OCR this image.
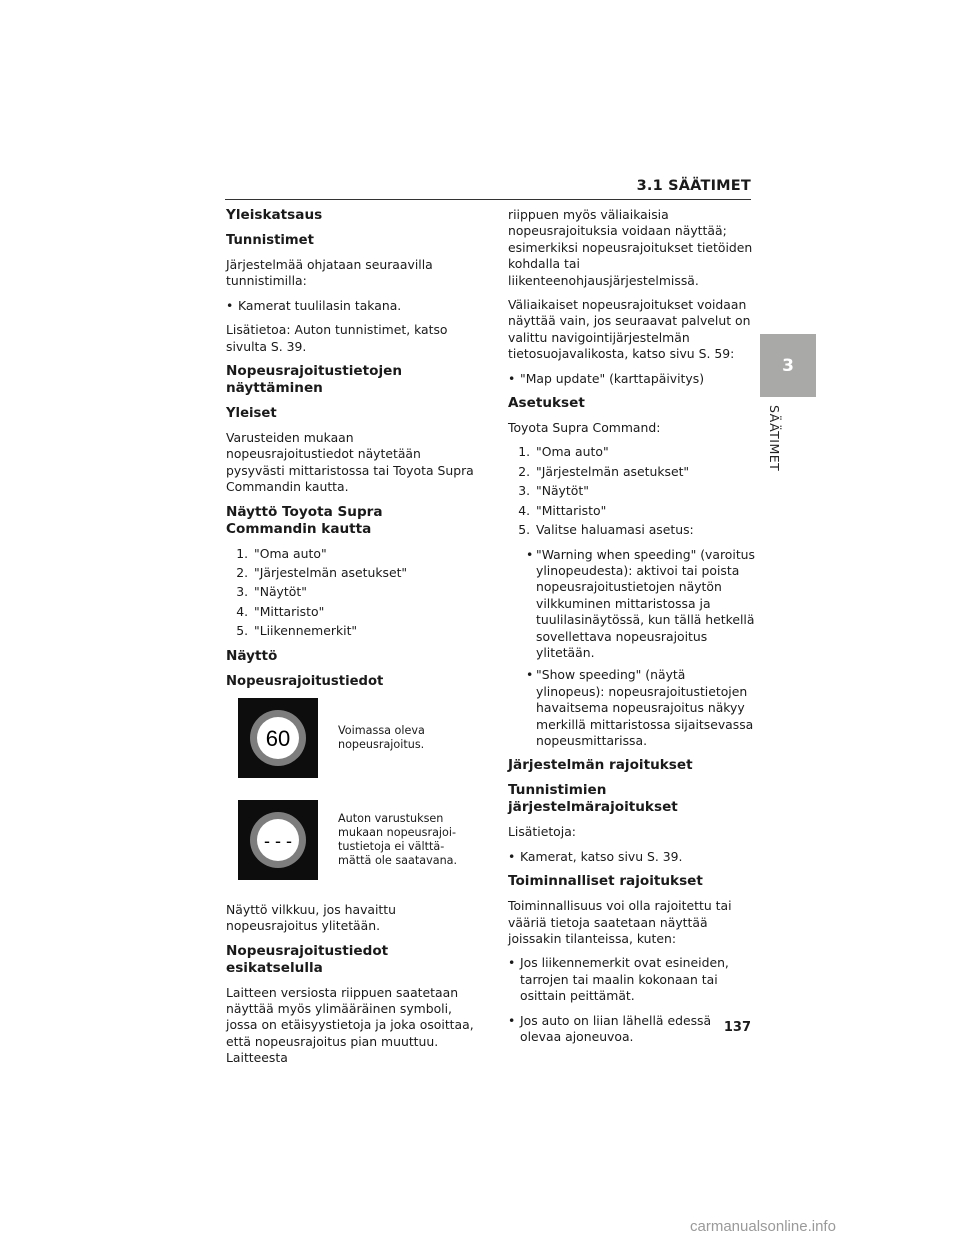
3.1 SÄÄTIMET
3
SÄÄTIMET
Yleiskatsaus
Tunnistimet

Järjestelmää ohjataan seuraavilla tunnistimilla:

• Kamerat tuulilasin takana.

Lisätietoa: Auton tunnistimet, katso sivulta S. 39.

Nopeusrajoitustietojen näyttäminen
Yleiset

Varusteiden mukaan nopeusrajoitustiedot näytetään pysyvästi mittaristossa tai Toyota Supra Commandin kautta.

Näyttö Toyota Supra Commandin kautta
1. "Oma auto"
2. "Järjestelmän asetukset"
3. "Näytöt"
4. "Mittaristo"
5. "Liikennemerkit"
Näyttö
Nopeusrajoitustiedot
60	Voimassa oleva nopeusrajoitus.
- - -
Auton varustuksen mukaan nopeusrajoi-tustietoja ei välttä-mättä ole saatavana.

Näyttö vilkkuu, jos havaittu nopeusrajoitus ylitetään.

Nopeusrajoitustiedot esikatselulla

Laitteen versiosta riippuen saatetaan näyttää myös ylimääräinen symboli, jossa on etäisyystietoja ja joka osoittaa, että nopeusrajoitus pian muuttuu. Laitteesta

riippuen myös väliaikaisia nopeusrajoituksia voidaan näyttää; esimerkiksi nopeusrajoitukset tietöiden kohdalla tai liikenteenohjausjärjestelmissä.

Väliaikaiset nopeusrajoitukset voidaan näyttää vain, jos seuraavat palvelut on valittu navigointijärjestelmän tietosuojavalikosta, katso sivu S. 59:

• "Map update" (karttapäivitys)
Asetukset

Toyota Supra Command:

1. "Oma auto"
2. "Järjestelmän asetukset"
3. "Näytöt"
4. "Mittaristo"
5. Valitse haluamasi asetus:
• "Warning when speeding" (varoitus ylinopeudesta): aktivoi tai poista nopeusrajoitustietojen näytön vilkkuminen mittaristossa ja tuulilasinäytössä, kun tällä hetkellä sovellettava nopeusrajoitus ylitetään.
• "Show speeding" (näytä ylinopeus): nopeusrajoitustietojen havaitsema nopeusrajoitus näkyy merkillä mittaristossa sijaitsevassa nopeusmittarissa.
Järjestelmän rajoitukset
Tunnistimien järjestelmärajoitukset

Lisätietoja:

• Kamerat, katso sivu S. 39.
Toiminnalliset rajoitukset

Toiminnallisuus voi olla rajoitettu tai vääriä tietoja saatetaan näyttää joissakin tilanteissa, kuten:

• Jos liikennemerkit ovat esineiden, tarrojen tai maalin kokonaan tai osittain peittämät.
• Jos auto on liian lähellä edessä olevaa ajoneuvoa.
137
carmanualsonline.info
